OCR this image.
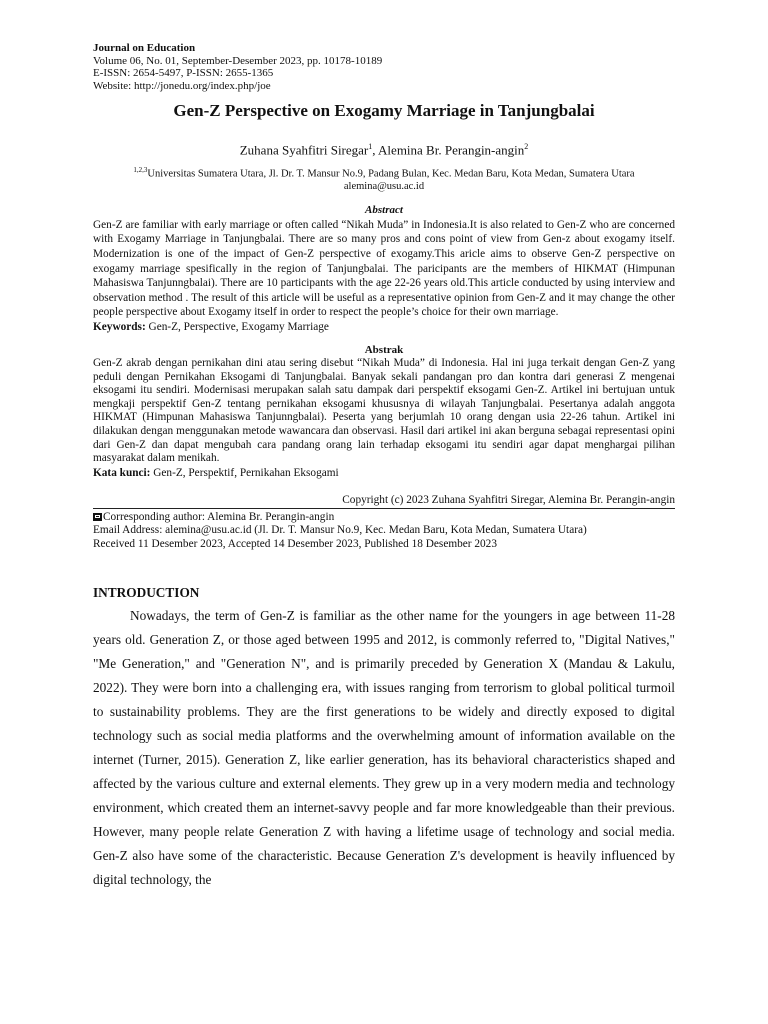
Journal on Education
Volume 06, No. 01, September-Desember 2023, pp. 10178-10189
E-ISSN: 2654-5497, P-ISSN: 2655-1365
Website: http://jonedu.org/index.php/joe
Gen-Z Perspective on Exogamy Marriage in Tanjungbalai
Zuhana Syahfitri Siregar$^1$, Alemina Br. Perangin-angin$^2$
$^{1,2,3}$Universitas Sumatera Utara, Jl. Dr. T. Mansur No.9, Padang Bulan, Kec. Medan Baru, Kota Medan, Sumatera Utara
alemina@usu.ac.id
Abstract
Gen-Z are familiar with early marriage or often called “Nikah Muda” in Indonesia.It is also related to Gen-Z who are concerned with Exogamy Marriage in Tanjungbalai. There are so many pros and cons point of view from Gen-z about exogamy itself. Modernization is one of the impact of Gen-Z perspective of exogamy.This aricle aims to observe Gen-Z perspective on exogamy marriage spesifically in the region of Tanjungbalai. The paricipants are the members of HIKMAT (Himpunan Mahasiswa Tanjunngbalai). There are 10 participants with the age 22-26 years old.This article conducted by using interview and observation method . The result of this article will be useful as a representative opinion from Gen-Z and it may change the other people perspective about Exogamy itself in order to respect the people’s choice for their own marriage.
Keywords: Gen-Z, Perspective, Exogamy Marriage
Abstrak
Gen-Z akrab dengan pernikahan dini atau sering disebut “Nikah Muda” di Indonesia. Hal ini juga terkait dengan Gen-Z yang peduli dengan Pernikahan Eksogami di Tanjungbalai. Banyak sekali pandangan pro dan kontra dari generasi Z mengenai eksogami itu sendiri. Modernisasi merupakan salah satu dampak dari perspektif eksogami Gen-Z. Artikel ini bertujuan untuk mengkaji perspektif Gen-Z tentang pernikahan eksogami khususnya di wilayah Tanjungbalai. Pesertanya adalah anggota HIKMAT (Himpunan Mahasiswa Tanjunngbalai). Peserta yang berjumlah 10 orang dengan usia 22-26 tahun. Artikel ini dilakukan dengan menggunakan metode wawancara dan observasi. Hasil dari artikel ini akan berguna sebagai representasi opini dari Gen-Z dan dapat mengubah cara pandang orang lain terhadap eksogami itu sendiri agar dapat menghargai pilihan masyarakat dalam menikah.
Kata kunci: Gen-Z, Perspektif, Pernikahan Eksogami
Copyright (c) 2023 Zuhana Syahfitri Siregar, Alemina Br. Perangin-angin
Corresponding author: Alemina Br. Perangin-angin
Email Address: alemina@usu.ac.id (Jl. Dr. T. Mansur No.9, Kec. Medan Baru, Kota Medan, Sumatera Utara)
Received 11 Desember 2023, Accepted 14 Desember 2023, Published 18 Desember 2023
INTRODUCTION
Nowadays, the term of Gen-Z is familiar as the other name for the youngers in age between 11-28 years old. Generation Z, or those aged between 1995 and 2012, is commonly referred to, "Digital Natives," "Me Generation," and "Generation N", and is primarily preceded by Generation X (Mandau & Lakulu, 2022). They were born into a challenging era, with issues ranging from terrorism to global political turmoil to sustainability problems. They are the first generations to be widely and directly exposed to digital technology such as social media platforms and the overwhelming amount of information available on the internet (Turner, 2015). Generation Z, like earlier generation, has its behavioral characteristics shaped and affected by the various culture and external elements. They grew up in a very modern media and technology environment, which created them an internet-savvy people and far more knowledgeable than their previous. However, many people relate Generation Z with having a lifetime usage of technology and social media. Gen-Z also have some of the characteristic. Because Generation Z's development is heavily influenced by digital technology, the
